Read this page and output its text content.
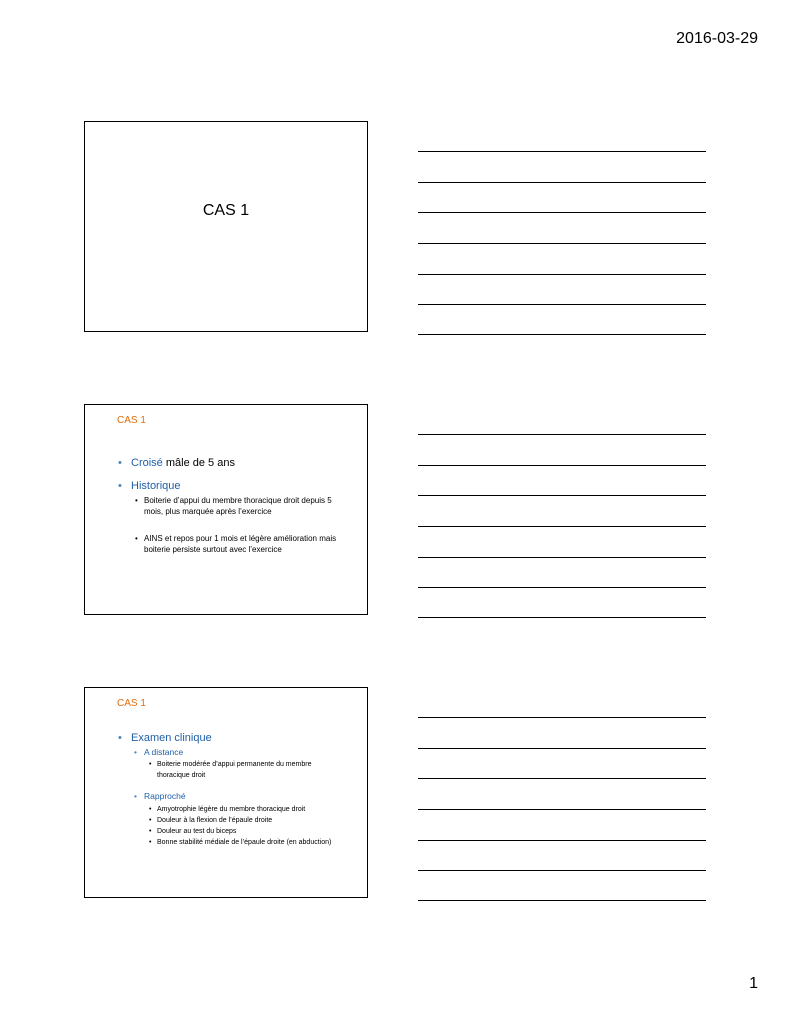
2016-03-29
CAS 1
CAS 1
• Croisé mâle de 5 ans
• Historique
• Boiterie d’appui du membre thoracique droit depuis 5 mois, plus marquée après l’exercice
• AINS et repos pour 1 mois et légère amélioration mais boiterie persiste surtout avec l’exercice
CAS 1
• Examen clinique
• A distance
• Boiterie modérée d’appui permanente du membre thoracique droit
• Rapproché
• Amyotrophie légère du membre thoracique droit
• Douleur à la flexion de l’épaule droite
• Douleur au test du biceps
• Bonne stabilité médiale de l’épaule droite (en abduction)
1
